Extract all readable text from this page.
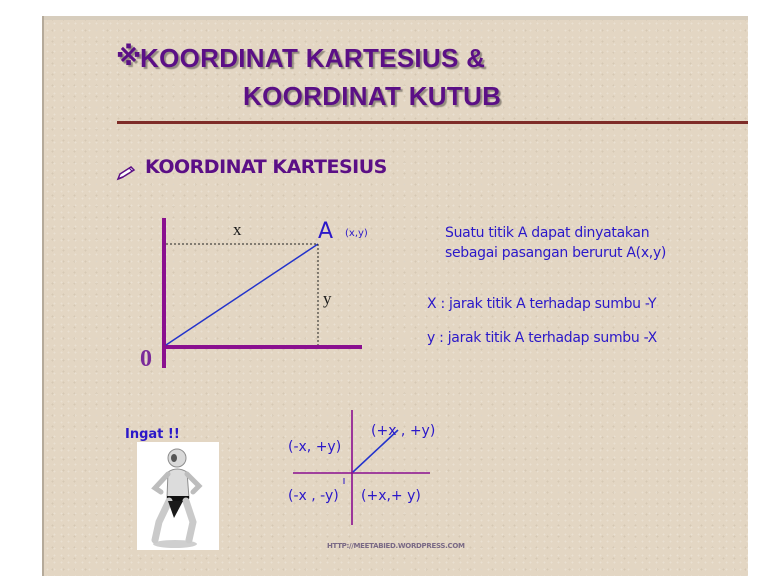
※
KOORDINAT KARTESIUS &
KOORDINAT KUTUB
KOORDINAT KARTESIUS
0
x
y
A (x,y)	Suatu titik A dapat dinyatakan
sebagai pasangan berurut A(x,y)
X : jarak titik A terhadap sumbu -Y
y : jarak titik A terhadap sumbu -X
Ingat !!	(+x , +y)
(-x, +y)
(-x , -y) (+x,+ y)
HTTP://MEETABIED.WORDPRESS.COM
